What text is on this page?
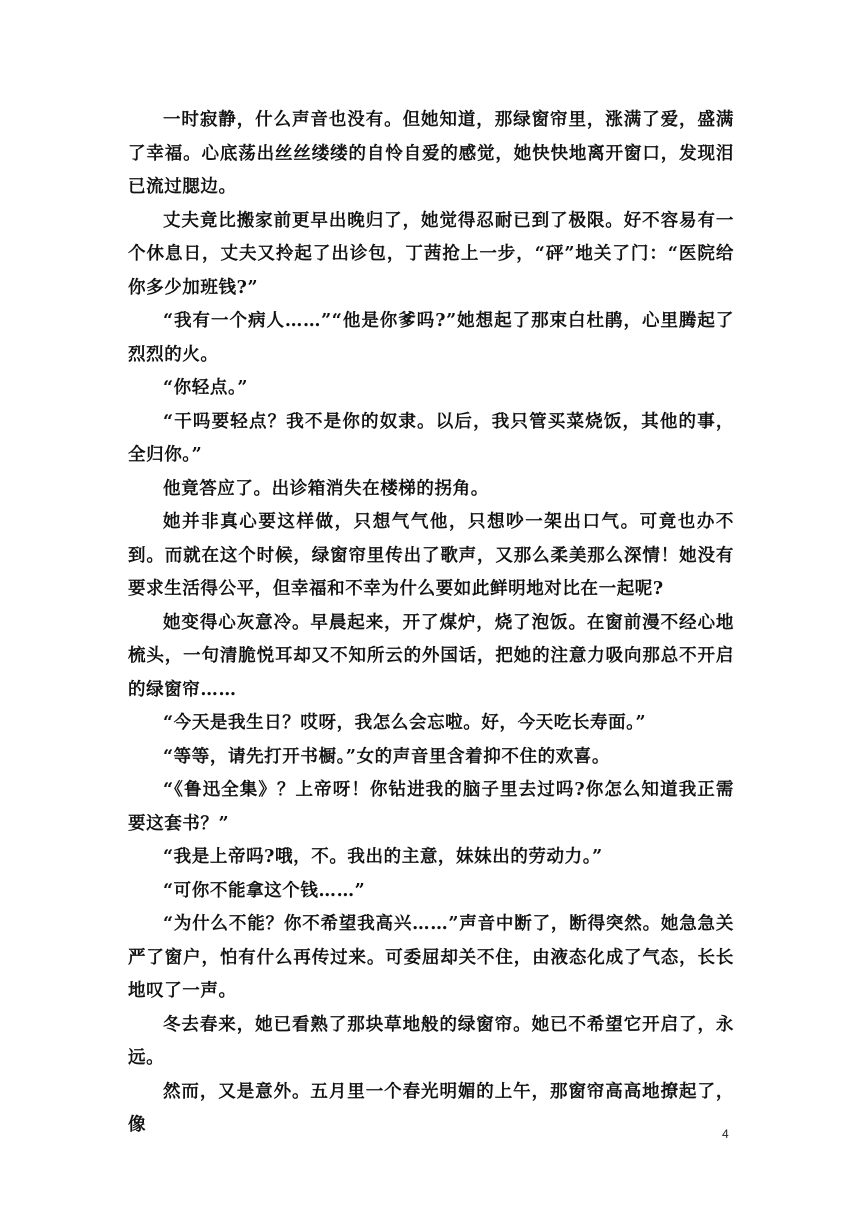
一时寂静，什么声音也没有。但她知道，那绿窗帘里，涨满了爱，盛满了幸福。心底荡出丝丝缕缕的自怜自爱的感觉，她快快地离开窗口，发现泪已流过腮边。

丈夫竟比搬家前更早出晚归了，她觉得忍耐已到了极限。好不容易有一个休息日，丈夫又拎起了出诊包，丁茜抢上一步，“砰”地关了门：“医院给你多少加班钱?”

“我有一个病人……”“他是你爹吗?”她想起了那束白杜鹃，心里腾起了烈烈的火。

“你轻点。”

“干吗要轻点？我不是你的奴隶。以后，我只管买菜烧饭，其他的事，全归你。”

他竟答应了。出诊箱消失在楼梯的拐角。

她并非真心要这样做，只想气气他，只想吵一架出口气。可竟也办不到。而就在这个时候，绿窗帘里传出了歌声，又那么柔美那么深情！她没有要求生活得公平，但幸福和不幸为什么要如此鲜明地对比在一起呢?

她变得心灰意冷。早晨起来，开了煤炉，烧了泡饭。在窗前漫不经心地梳头，一句清脆悦耳却又不知所云的外国话，把她的注意力吸向那总不开启的绿窗帘……

“今天是我生日？哎呀，我怎么会忘啦。好，今天吃长寿面。”

“等等，请先打开书橱。”女的声音里含着抑不住的欢喜。

“《鲁迅全集》？上帝呀！你钻进我的脑子里去过吗?你怎么知道我正需要这套书？”

“我是上帝吗?哦，不。我出的主意，妹妹出的劳动力。”

“可你不能拿这个钱……”

“为什么不能？你不希望我高兴……”声音中断了，断得突然。她急急关严了窗户，怕有什么再传过来。可委屈却关不住，由液态化成了气态，长长地叹了一声。

冬去春来，她已看熟了那块草地般的绿窗帘。她已不希望它开启了，永远。

然而，又是意外。五月里一个春光明媚的上午，那窗帘高高地撩起了，像	4
